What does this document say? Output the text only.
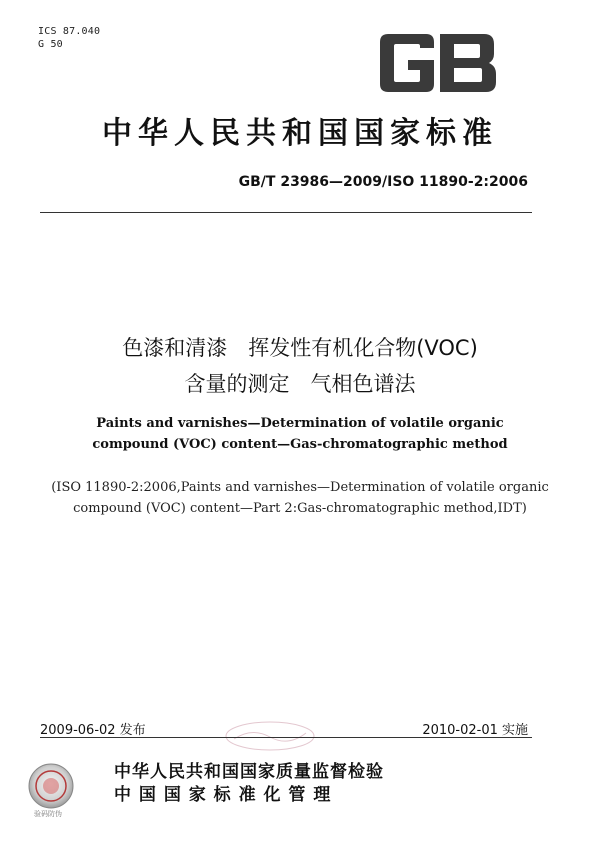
ICS 87.040
G 50
中华人民共和国国家标准
GB/T 23986—2009/ISO 11890-2:2006
色漆和清漆　挥发性有机化合物(VOC)
含量的测定　气相色谱法
Paints and varnishes—Determination of volatile organic
compound (VOC) content—Gas-chromatographic method
(ISO 11890-2:2006,Paints and varnishes—Determination of volatile organic
compound (VOC) content—Part 2:Gas-chromatographic method,IDT)
2009-06-02 发布	2010-02-01 实施
验码防伪
中华人民共和国国家质量监督检验
中 国 国 家 标 准 化 管 理
